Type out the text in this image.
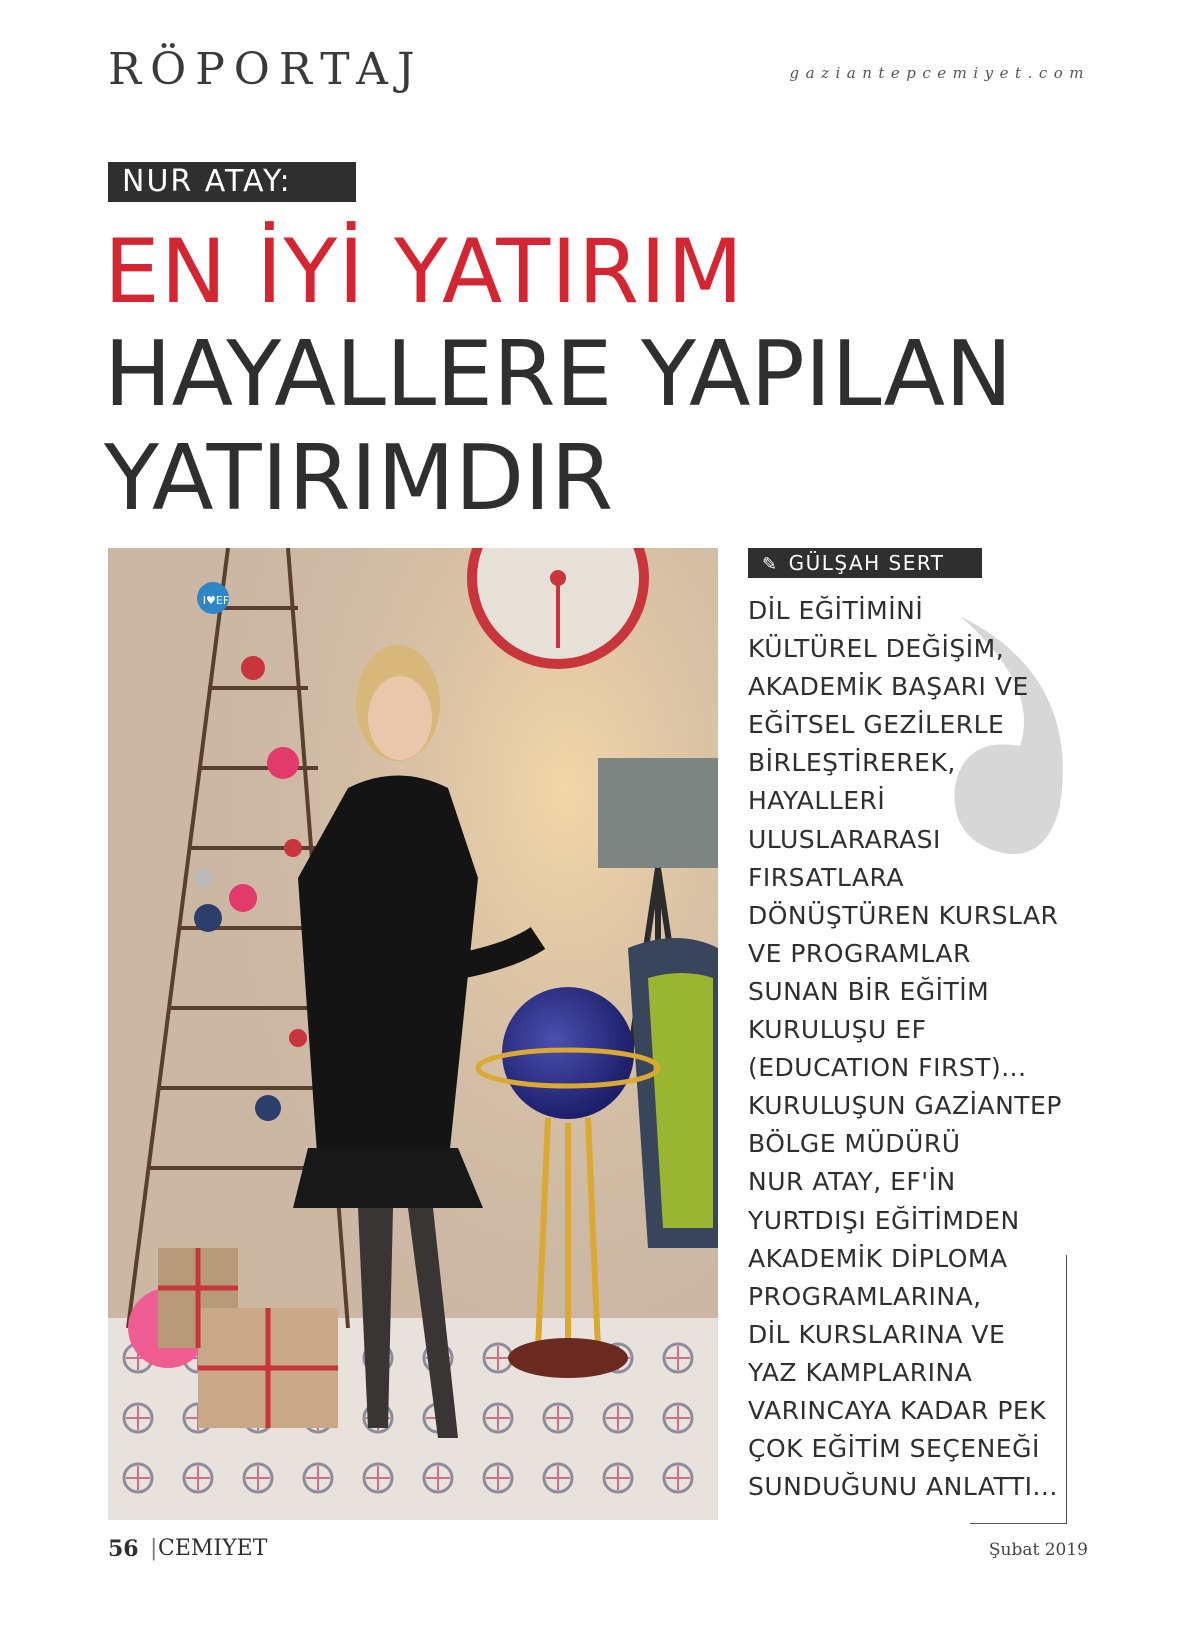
RÖPORTAJ	gaziantepcemiyet.com
NUR ATAY:
EN İYİ YATIRIM
HAYALLERE YAPILAN
YATIRIMDIR
I♥EF
✎ GÜLŞAH SERT
DİL EĞİTİMİNİ
KÜLTÜREL DEĞİŞİM,
AKADEMİK BAŞARI VE
EĞİTSEL GEZİLERLE
BİRLEŞTİREREK,
HAYALLERİ
ULUSLARARASI
FIRSATLARA
DÖNÜŞTÜREN KURSLAR
VE PROGRAMLAR
SUNAN BİR EĞİTİM
KURULUŞU EF
(EDUCATION FIRST)...
KURULUŞUN GAZİANTEP
BÖLGE MÜDÜRÜ
NUR ATAY, EF'İN
YURTDIŞI EĞİTİMDEN
AKADEMİK DİPLOMA
PROGRAMLARINA,
DİL KURSLARINA VE
YAZ KAMPLARINA
VARINCAYA KADAR PEK
ÇOK EĞİTİM SEÇENEĞİ
SUNDUĞUNU ANLATTI...
56 | CEMIYET	Şubat 2019
